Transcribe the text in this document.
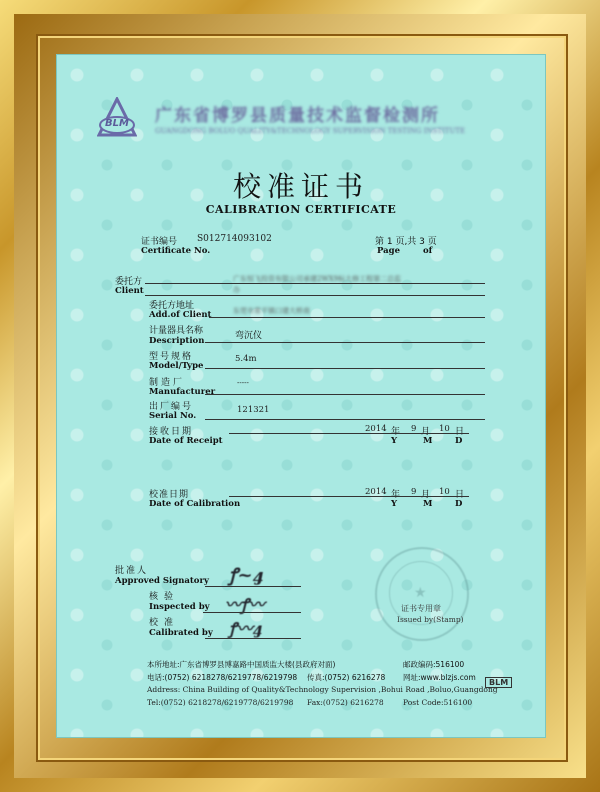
BLM 广东省博罗县质量技术监督检测所
GUANGDONG BOLUO QUALITY&TECHNOLOGY SUPERVISION TESTING INSTITUTE
校准证书
CALIBRATION CERTIFICATE
证书编号 S012714093102
Certificate No.
第 1 页,共 3 页
Page	of
委托方
Client
广东恒飞投资有限公司承建2WX9标大修工程第二总监
办
委托方地址	东莞市常平镇口建大桥南
Add.of Client
计量器具名称	弯沉仪
Description
型号规格	5.4m
Model/Type
制造厂	-----
Manufacturer
出厂编号	121321
Serial No.
接收日期
Date of Receipt
2014 年 9 月 10 日
Y	M	D
校准日期
Date of Calibration
2014 年 9 月 10 日
Y	M	D
批准人
Approved Signatory ꝭ~ꜭ
核验
Inspected by 〰ꝭ〰
校准
Calibrated by ꝭ〰ꜭ
★
证书专用章
Issued by(Stamp)
本所地址:广东省博罗县博嘉路中国质监大楼(县政府对面)	邮政编码:516100
电话:(0752) 6218278/6219778/6219798 传真:(0752) 6216278 网址:www.blzjs.com
Address: China Building of Quality&Technology Supervision ,Bohui Road ,Boluo,Guangdong
Tel:(0752) 6218278/6219778/6219798 Fax:(0752) 6216278	Post Code:516100
BLM
